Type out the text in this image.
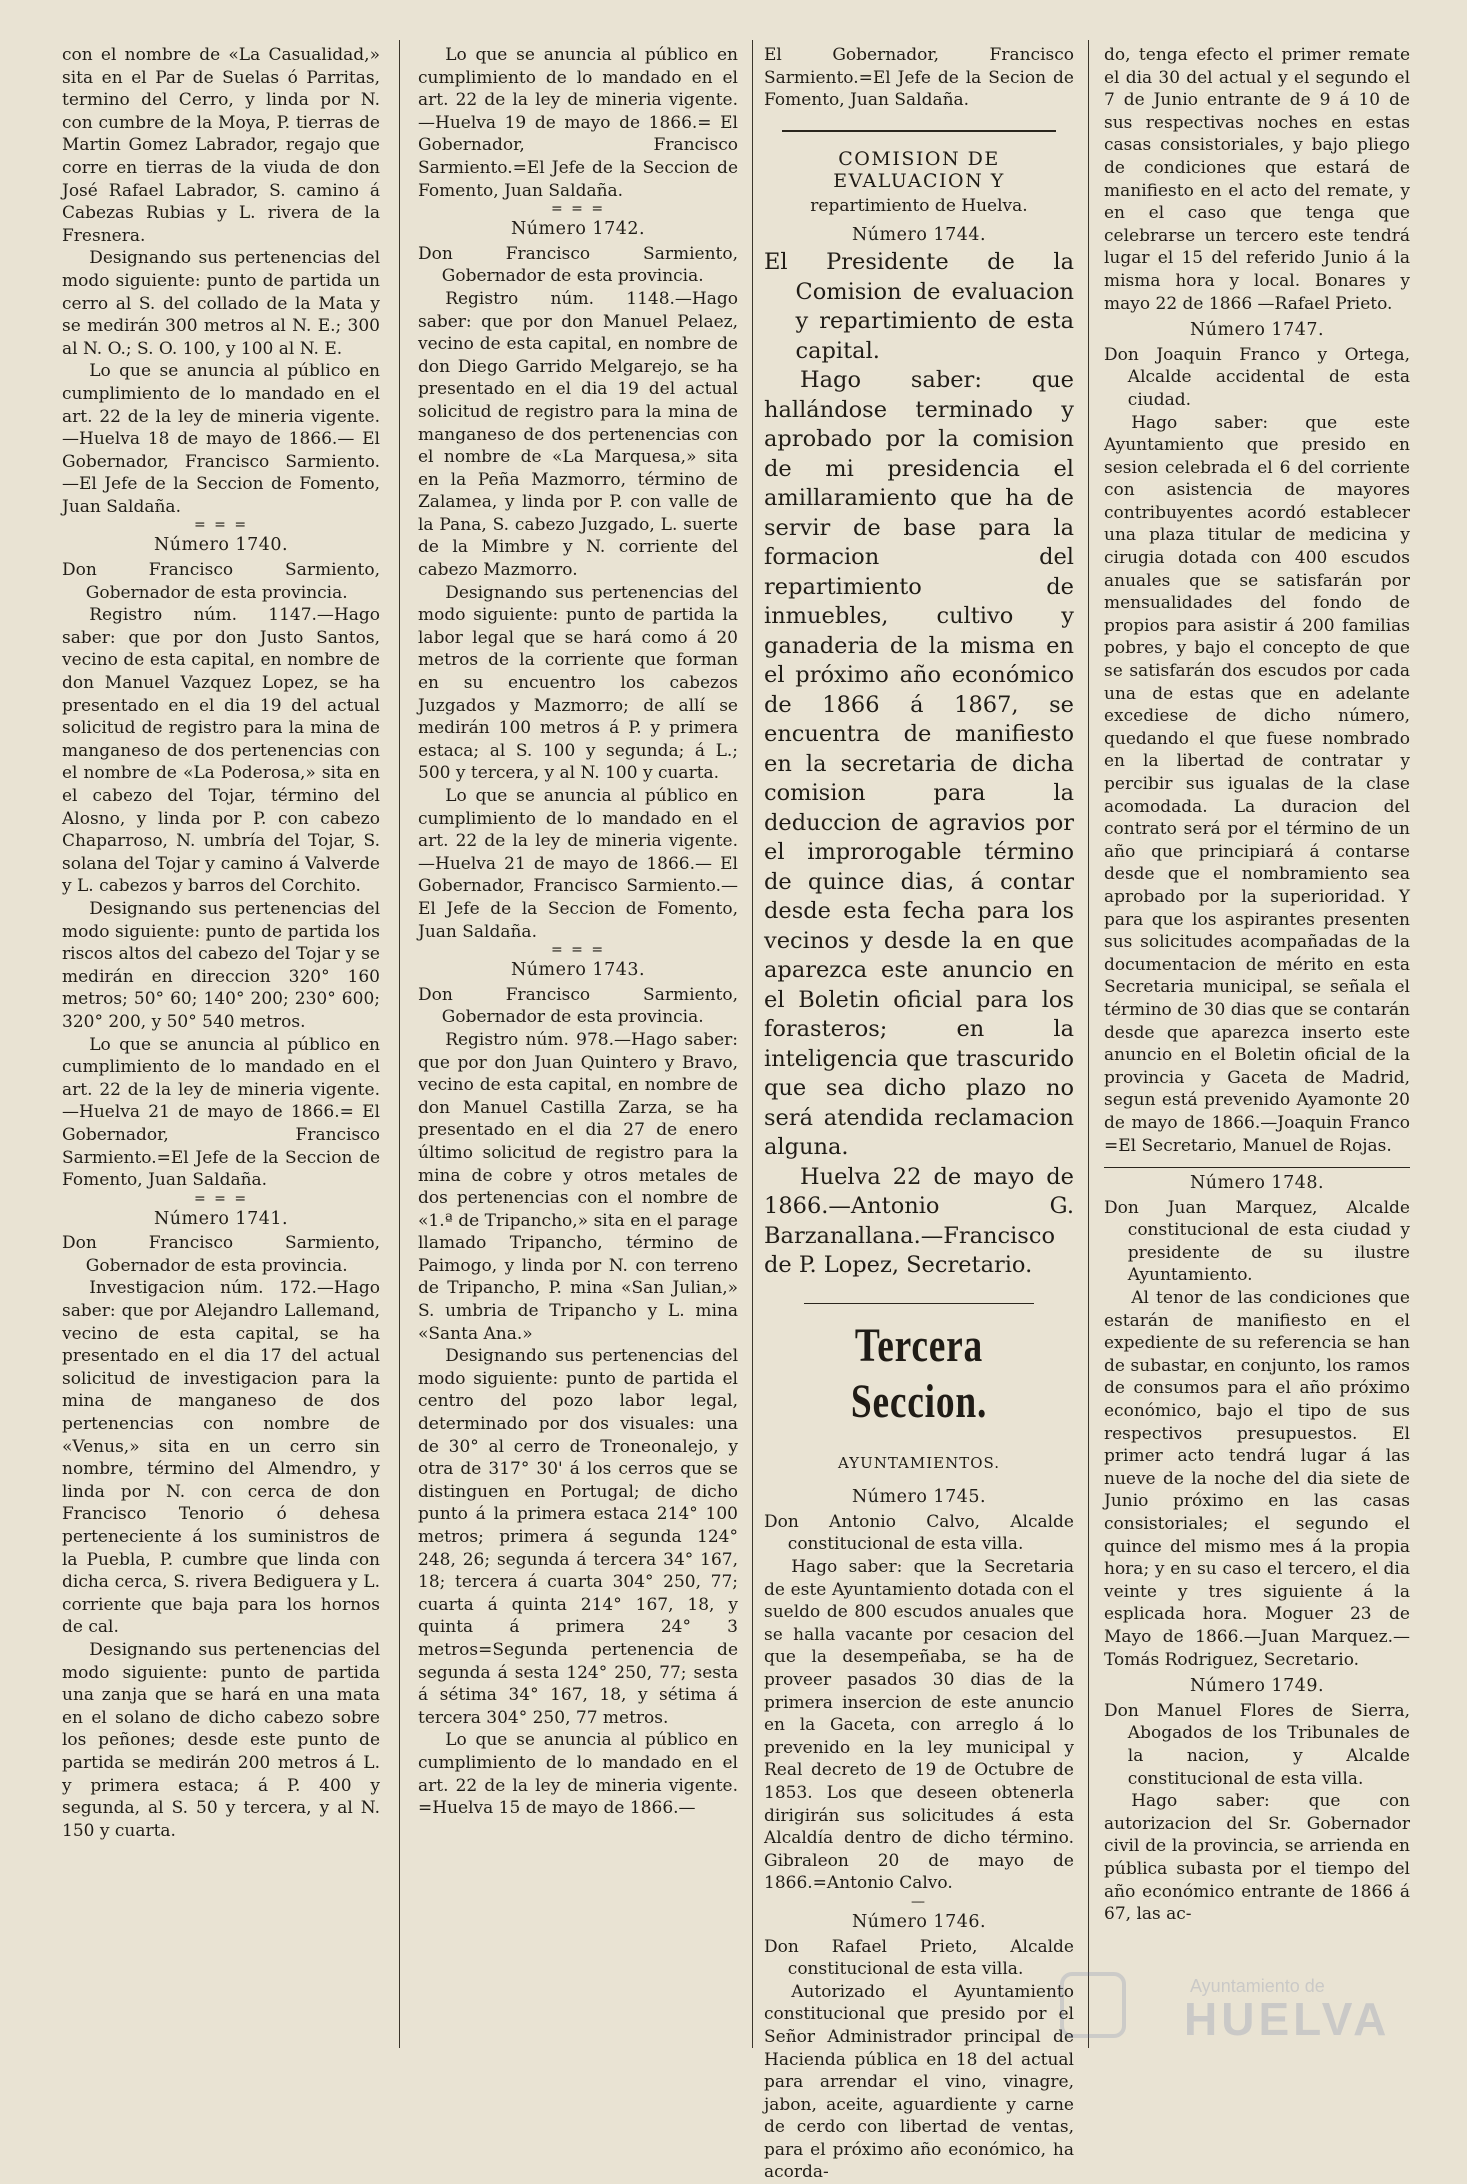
con el nombre de «La Casualidad,» sita en el Par de Suelas ó Parritas, termino del Cerro, y linda por N. con cumbre de la Moya, P. tierras de Martin Gomez Labrador, regajo que corre en tierras de la viuda de don José Rafael Labrador, S. camino á Cabezas Rubias y L. rivera de la Fresnera.

Designando sus pertenencias del modo siguiente: punto de partida un cerro al S. del collado de la Mata y se medirán 300 metros al N. E.; 300 al N. O.; S. O. 100, y 100 al N. E.

Lo que se anuncia al público en cumplimiento de lo mandado en el art. 22 de la ley de mineria vigente. —Huelva 18 de mayo de 1866.— El Gobernador, Francisco Sarmiento. —El Jefe de la Seccion de Fomento, Juan Saldaña.

= = =
Número 1740.

Don Francisco Sarmiento, Gobernador de esta provincia.

Registro núm. 1147.—Hago saber: que por don Justo Santos, vecino de esta capital, en nombre de don Manuel Vazquez Lopez, se ha presentado en el dia 19 del actual solicitud de registro para la mina de manganeso de dos pertenencias con el nombre de «La Poderosa,» sita en el cabezo del Tojar, término del Alosno, y linda por P. con cabezo Chaparroso, N. umbría del Tojar, S. solana del Tojar y camino á Valverde y L. cabezos y barros del Corchito.

Designando sus pertenencias del modo siguiente: punto de partida los riscos altos del cabezo del Tojar y se medirán en direccion 320° 160 metros; 50° 60; 140° 200; 230° 600; 320° 200, y 50° 540 metros.

Lo que se anuncia al público en cumplimiento de lo mandado en el art. 22 de la ley de mineria vigente. —Huelva 21 de mayo de 1866.= El Gobernador, Francisco Sarmiento.=El Jefe de la Seccion de Fomento, Juan Saldaña.

= = =
Número 1741.

Don Francisco Sarmiento, Gobernador de esta provincia.

Investigacion núm. 172.—Hago saber: que por Alejandro Lallemand, vecino de esta capital, se ha presentado en el dia 17 del actual solicitud de investigacion para la mina de manganeso de dos pertenencias con nombre de «Venus,» sita en un cerro sin nombre, término del Almendro, y linda por N. con cerca de don Francisco Tenorio ó dehesa perteneciente á los suministros de la Puebla, P. cumbre que linda con dicha cerca, S. rivera Bediguera y L. corriente que baja para los hornos de cal.

Designando sus pertenencias del modo siguiente: punto de partida una zanja que se hará en una mata en el solano de dicho cabezo sobre los peñones; desde este punto de partida se medirán 200 metros á L. y primera estaca; á P. 400 y segunda, al S. 50 y tercera, y al N. 150 y cuarta.

Lo que se anuncia al público en cumplimiento de lo mandado en el art. 22 de la ley de mineria vigente. —Huelva 19 de mayo de 1866.= El Gobernador, Francisco Sarmiento.=El Jefe de la Seccion de Fomento, Juan Saldaña.

= = =
Número 1742.

Don Francisco Sarmiento, Gobernador de esta provincia.

Registro núm. 1148.—Hago saber: que por don Manuel Pelaez, vecino de esta capital, en nombre de don Diego Garrido Melgarejo, se ha presentado en el dia 19 del actual solicitud de registro para la mina de manganeso de dos pertenencias con el nombre de «La Marquesa,» sita en la Peña Mazmorro, término de Zalamea, y linda por P. con valle de la Pana, S. cabezo Juzgado, L. suerte de la Mimbre y N. corriente del cabezo Mazmorro.

Designando sus pertenencias del modo siguiente: punto de partida la labor legal que se hará como á 20 metros de la corriente que forman en su encuentro los cabezos Juzgados y Mazmorro; de allí se medirán 100 metros á P. y primera estaca; al S. 100 y segunda; á L.; 500 y tercera, y al N. 100 y cuarta.

Lo que se anuncia al público en cumplimiento de lo mandado en el art. 22 de la ley de mineria vigente. —Huelva 21 de mayo de 1866.— El Gobernador, Francisco Sarmiento.—El Jefe de la Seccion de Fomento, Juan Saldaña.

= = =
Número 1743.

Don Francisco Sarmiento, Gobernador de esta provincia.

Registro núm. 978.—Hago saber: que por don Juan Quintero y Bravo, vecino de esta capital, en nombre de don Manuel Castilla Zarza, se ha presentado en el dia 27 de enero último solicitud de registro para la mina de cobre y otros metales de dos pertenencias con el nombre de «1.ª de Tripancho,» sita en el parage llamado Tripancho, término de Paimogo, y linda por N. con terreno de Tripancho, P. mina «San Julian,» S. umbria de Tripancho y L. mina «Santa Ana.»

Designando sus pertenencias del modo siguiente: punto de partida el centro del pozo labor legal, determinado por dos visuales: una de 30° al cerro de Troneonalejo, y otra de 317° 30' á los cerros que se distinguen en Portugal; de dicho punto á la primera estaca 214° 100 metros; primera á segunda 124° 248, 26; segunda á tercera 34° 167, 18; tercera á cuarta 304° 250, 77; cuarta á quinta 214° 167, 18, y quinta á primera 24° 3 metros=Segunda pertenencia de segunda á sesta 124° 250, 77; sesta á sétima 34° 167, 18, y sétima á tercera 304° 250, 77 metros.

Lo que se anuncia al público en cumplimiento de lo mandado en el art. 22 de la ley de mineria vigente. =Huelva 15 de mayo de 1866.—

El Gobernador, Francisco Sarmiento.=El Jefe de la Secion de Fomento, Juan Saldaña.

COMISION DE EVALUACION Y
repartimiento de Huelva.
Número 1744.

El Presidente de la Comision de evaluacion y repartimiento de esta capital.

Hago saber: que hallándose terminado y aprobado por la comision de mi presidencia el amillaramiento que ha de servir de base para la formacion del repartimiento de inmuebles, cultivo y ganaderia de la misma en el próximo año económico de 1866 á 1867, se encuentra de manifiesto en la secretaria de dicha comision para la deduccion de agravios por el improrogable término de quince dias, á contar desde esta fecha para los vecinos y desde la en que aparezca este anuncio en el Boletin oficial para los forasteros; en la inteligencia que trascurido que sea dicho plazo no será atendida reclamacion alguna.

Huelva 22 de mayo de 1866.—Antonio G. Barzanallana.—Francisco de P. Lopez, Secretario.

Tercera Seccion.
AYUNTAMIENTOS.
Número 1745.

Don Antonio Calvo, Alcalde constitucional de esta villa.

Hago saber: que la Secretaria de este Ayuntamiento dotada con el sueldo de 800 escudos anuales que se halla vacante por cesacion del que la desempeñaba, se ha de proveer pasados 30 dias de la primera insercion de este anuncio en la Gaceta, con arreglo á lo prevenido en la ley municipal y Real decreto de 19 de Octubre de 1853. Los que deseen obtenerla dirigirán sus solicitudes á esta Alcaldía dentro de dicho término. Gibraleon 20 de mayo de 1866.=Antonio Calvo.

—
Número 1746.

Don Rafael Prieto, Alcalde constitucional de esta villa.

Autorizado el Ayuntamiento constitucional que presido por el Señor Administrador principal de Hacienda pública en 18 del actual para arrendar el vino, vinagre, jabon, aceite, aguardiente y carne de cerdo con libertad de ventas, para el próximo año económico, ha acorda-

do, tenga efecto el primer remate el dia 30 del actual y el segundo el 7 de Junio entrante de 9 á 10 de sus respectivas noches en estas casas consistoriales, y bajo pliego de condiciones que estará de manifiesto en el acto del remate, y en el caso que tenga que celebrarse un tercero este tendrá lugar el 15 del referido Junio á la misma hora y local. Bonares y mayo 22 de 1866 —Rafael Prieto.

Número 1747.

Don Joaquin Franco y Ortega, Alcalde accidental de esta ciudad.

Hago saber: que este Ayuntamiento que presido en sesion celebrada el 6 del corriente con asistencia de mayores contribuyentes acordó establecer una plaza titular de medicina y cirugia dotada con 400 escudos anuales que se satisfarán por mensualidades del fondo de propios para asistir á 200 familias pobres, y bajo el concepto de que se satisfarán dos escudos por cada una de estas que en adelante excediese de dicho número, quedando el que fuese nombrado en la libertad de contratar y percibir sus igualas de la clase acomodada. La duracion del contrato será por el término de un año que principiará á contarse desde que el nombramiento sea aprobado por la superioridad. Y para que los aspirantes presenten sus solicitudes acompañadas de la documentacion de mérito en esta Secretaria municipal, se señala el término de 30 dias que se contarán desde que aparezca inserto este anuncio en el Boletin oficial de la provincia y Gaceta de Madrid, segun está prevenido Ayamonte 20 de mayo de 1866.—Joaquin Franco =El Secretario, Manuel de Rojas.

Número 1748.

Don Juan Marquez, Alcalde constitucional de esta ciudad y presidente de su ilustre Ayuntamiento.

Al tenor de las condiciones que estarán de manifiesto en el expediente de su referencia se han de subastar, en conjunto, los ramos de consumos para el año próximo económico, bajo el tipo de sus respectivos presupuestos. El primer acto tendrá lugar á las nueve de la noche del dia siete de Junio próximo en las casas consistoriales; el segundo el quince del mismo mes á la propia hora; y en su caso el tercero, el dia veinte y tres siguiente á la esplicada hora. Moguer 23 de Mayo de 1866.—Juan Marquez.—Tomás Rodriguez, Secretario.

Número 1749.

Don Manuel Flores de Sierra, Abogados de los Tribunales de la nacion, y Alcalde constitucional de esta villa.

Hago saber: que con autorizacion del Sr. Gobernador civil de la provincia, se arrienda en pública subasta por el tiempo del año económico entrante de 1866 á 67, las ac-

Ayuntamiento de
HUELVA
